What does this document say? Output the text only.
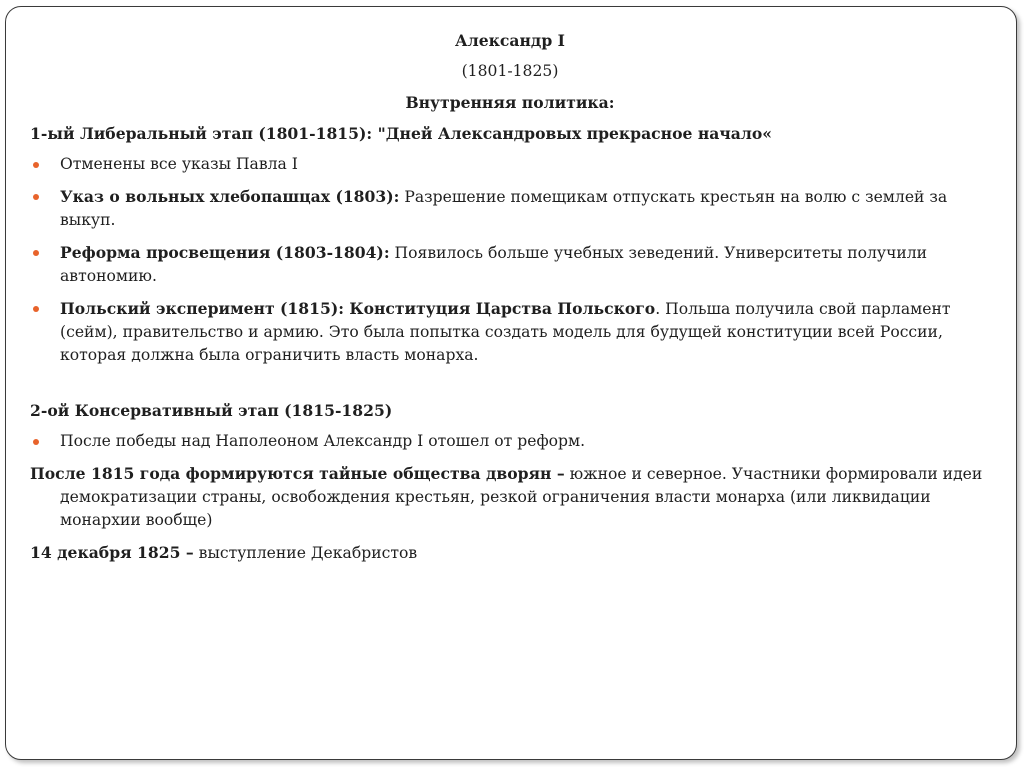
Александр I
(1801-1825)
Внутренняя политика:
1-ый Либеральный этап (1801-1815): "Дней Александровых прекрасное начало«
Отменены все указы Павла I
Указ о вольных хлебопашцах (1803): Разрешение помещикам отпускать крестьян на волю с землей за выкуп.
Реформа просвещения (1803-1804): Появилось больше учебных зеведений. Университеты получили автономию.
Польский эксперимент (1815): Конституция Царства Польского. Польша получила свой парламент (сейм), правительство и армию. Это была попытка создать модель для будущей конституции всей России, которая должна была ограничить власть монарха.
2-ой Консервативный этап (1815-1825)
После победы над Наполеоном Александр I отошел от реформ.

После 1815 года формируются тайные общества дворян – южное и северное. Участники формировали идеи демократизации страны, освобождения крестьян, резкой ограничения власти монарха (или ликвидации монархии вообще)

14 декабря 1825 – выступление Декабристов
